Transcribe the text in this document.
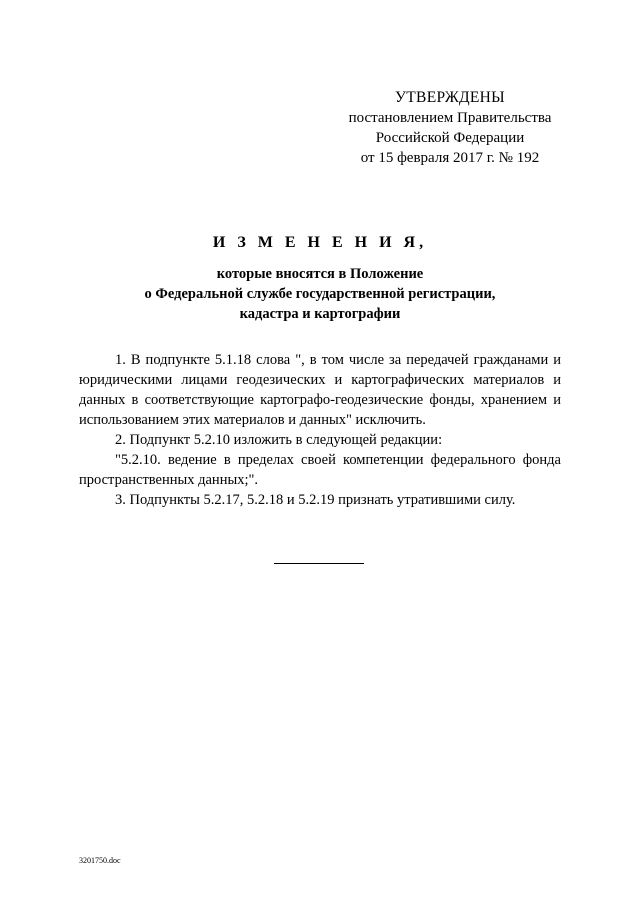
УТВЕРЖДЕНЫ
постановлением Правительства
Российской Федерации
от 15 февраля 2017 г. № 192
И З М Е Н Е Н И Я,
которые вносятся в Положение
о Федеральной службе государственной регистрации,
кадастра и картографии

1. В подпункте 5.1.18 слова ", в том числе за передачей гражданами и юридическими лицами геодезических и картографических материалов и данных в соответствующие картографо-геодезические фонды, хранением и использованием этих материалов и данных" исключить.

2. Подпункт 5.2.10 изложить в следующей редакции:

"5.2.10. ведение в пределах своей компетенции федерального фонда пространственных данных;".

3. Подпункты 5.2.17, 5.2.18 и 5.2.19 признать утратившими силу.

3201750.doc
